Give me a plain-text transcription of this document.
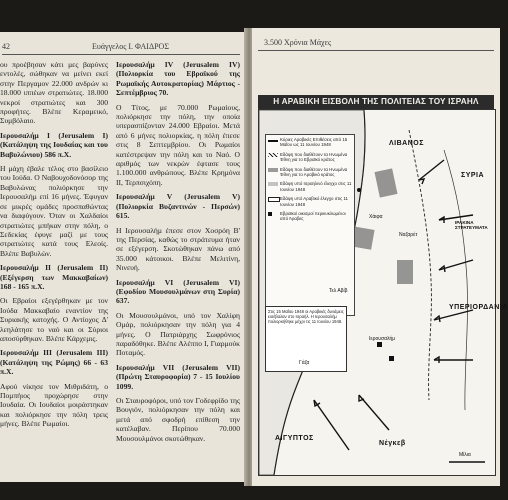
42	Ευάγγελος Ι. ΦΑΙΔΡΟΣ

ου προέβησαν κάτι μες βαρύνες εντολές, σώθηκαν να μείνει εκεί στην Περγαμον 22.000 ανδρών κι 18.000 ιππέων στρατιώτες. 18.000 νεκροί στρατιώτες και 300 προφήτες. Βλέπε Κεραμεικό, Συμβόλαιο.

Ιερουσαλήμ I (Jerusalem I) (Κατάληψη της Ιουδαίας και του Βαβυλώνιου) 586 π.Χ.

Η μάχη έβαλε τέλος στο βασίλειο του Ιούδα. Ο Ναβουχοδονόσορ της Βαβυλώνας πολιόρκησε την Ιερουσαλήμ επί 16 μήνες. Έφυγαν σε μικρές ομάδες προσπαθώντας να διαφύγουν. Όταν οι Χαλδαίοι στρατιώτες μπήκαν στην πόλη, ο Σεδεκίας έφυγε μαζί με τους στρατιώτες κατά τους Ελεοίς. Βλέπε Βαβυλών.

Ιερουσαλήμ II (Jerusalem II) (Εξέγερση των Μακκαβαίων) 168 - 165 π.Χ.

Οι Εβραίοι εξεγέρθηκαν με τον Ιούδα Μακκαβαίο εναντίον της Συριακής κατοχής. Ο Αντίοχος Δ' λεηλάτησε το ναό και οι Σύριοι αποσύρθηκαν. Βλέπε Κάρχεμις.

Ιερουσαλήμ III (Jerusalem III) (Κατάληψη της Ρώμης) 66 - 63 π.Χ.

Αφού νίκησε τον Μιθριδάτη, ο Πομπήιος προχώρησε στην Ιουδαία. Οι Ιουδαίοι μοιράστηκαν και πολιόρκησε την πόλη τρεις μήνες. Βλέπε Ρωμαίοι.

Ιερουσαλήμ IV (Jerusalem IV) (Πολιορκία του Εβραϊκού της Ρωμαϊκής Αυτοκρατορίας) Μάρτιος - Σεπτέμβριος 70.

Ο Τίτος, με 70.000 Ρωμαίους, πολιόρκησε την πόλη, την οποία υπερασπίζονταν 24.000 Εβραίοι. Μετά από 6 μήνες πολιορκίας, η πόλη έπεσε στις 8 Σεπτεμβρίου. Οι Ρωμαίοι κατέστρεψαν την πόλη και το Ναό. Ο αριθμός των νεκρών έφτασε τους 1.100.000 ανθρώπους. Βλέπε Κρημόνα II, Τερπσιχόπη.

Ιερουσαλήμ V (Jerusalem V) (Πολιορκία Βυζαντινών - Περσών) 615.

Η Ιερουσαλήμ έπεσε στον Χοσρόη Β' της Περσίας, καθώς το στράτευμα ήταν σε εξέγερση. Σκοτώθηκαν πάνω από 35.000 κάτοικοι. Βλέπε Μελιτίνη, Νινευή.

Ιερουσαλήμ VI (Jerusalem VI) (Εφοδίου Μουσουλμάνων στη Συρία) 637.

Οι Μουσουλμάνοι, υπό τον Χαλίφη Ομάρ, πολιόρκησαν την πόλη για 4 μήνες. Ο Πατριάρχης Σωφρόνιος παραδόθηκε. Βλέπε Αλέππο I, Γιαρμούκ Ποταμός.

Ιερουσαλήμ VII (Jerusalem VII) (Πρώτη Σταυροφορία) 7 - 15 Ιουλίου 1099.

Οι Σταυροφόροι, υπό τον Γοδεφρίδο της Βουγιόν, πολιόρκησαν την πόλη και μετά από σφοδρή επίθεση την κατέλαβαν. Περίπου 70.000 Μουσουλμάνοι σκοτώθηκαν.

3.500 Χρόνια Μάχες
Η ΑΡΑΒΙΚΗ ΕΙΣΒΟΛΗ ΤΗΣ ΠΟΛΙΤΕΙΑΣ ΤΟΥ ΙΣΡΑΗΛ
Κύριες Αραβικές Επιθέσεις από 15 Μαΐου ως 11 Ιουνίου 1948
Εδάφη που διαθέτουν τα Ηνωμένα Έθνη για το Εβραϊκό κράτος
Εδάφη που διαθέτουν τα Ηνωμένα Έθνη για το Αραβικό κράτος
Εδάφη υπό Ισραηλινό έλεγχο στις 11 Ιουνίου 1948
Εδάφη υπό Αραβικό έλεγχο στις 11 Ιουνίου 1948
Εβραϊκοί οικισμοί περικυκλωμένοι από Άραβες
Στις 15 Μαΐου 1948 οι Αραβικές δυνάμεις εισέβαλαν στο Ισραήλ. Η Ιερουσαλήμ πολιορκήθηκε μέχρι τις 11 Ιουνίου 1948.
ΛΙΒΑΝΟΣ
ΣΥΡΙΑ
Χάιφα
Ναζαρέτ
ΙΡΑΚΙΝΑ ΣΤΡΑΤΕΥΜΑΤΑ
Τελ Αβίβ
Ιερουσαλήμ
ΥΠΕΡΙΟΡΔΑΝΙΑ
Γάζα
ΑΙΓΥΠΤΟΣ
Νέγκεβ
Μίλια
